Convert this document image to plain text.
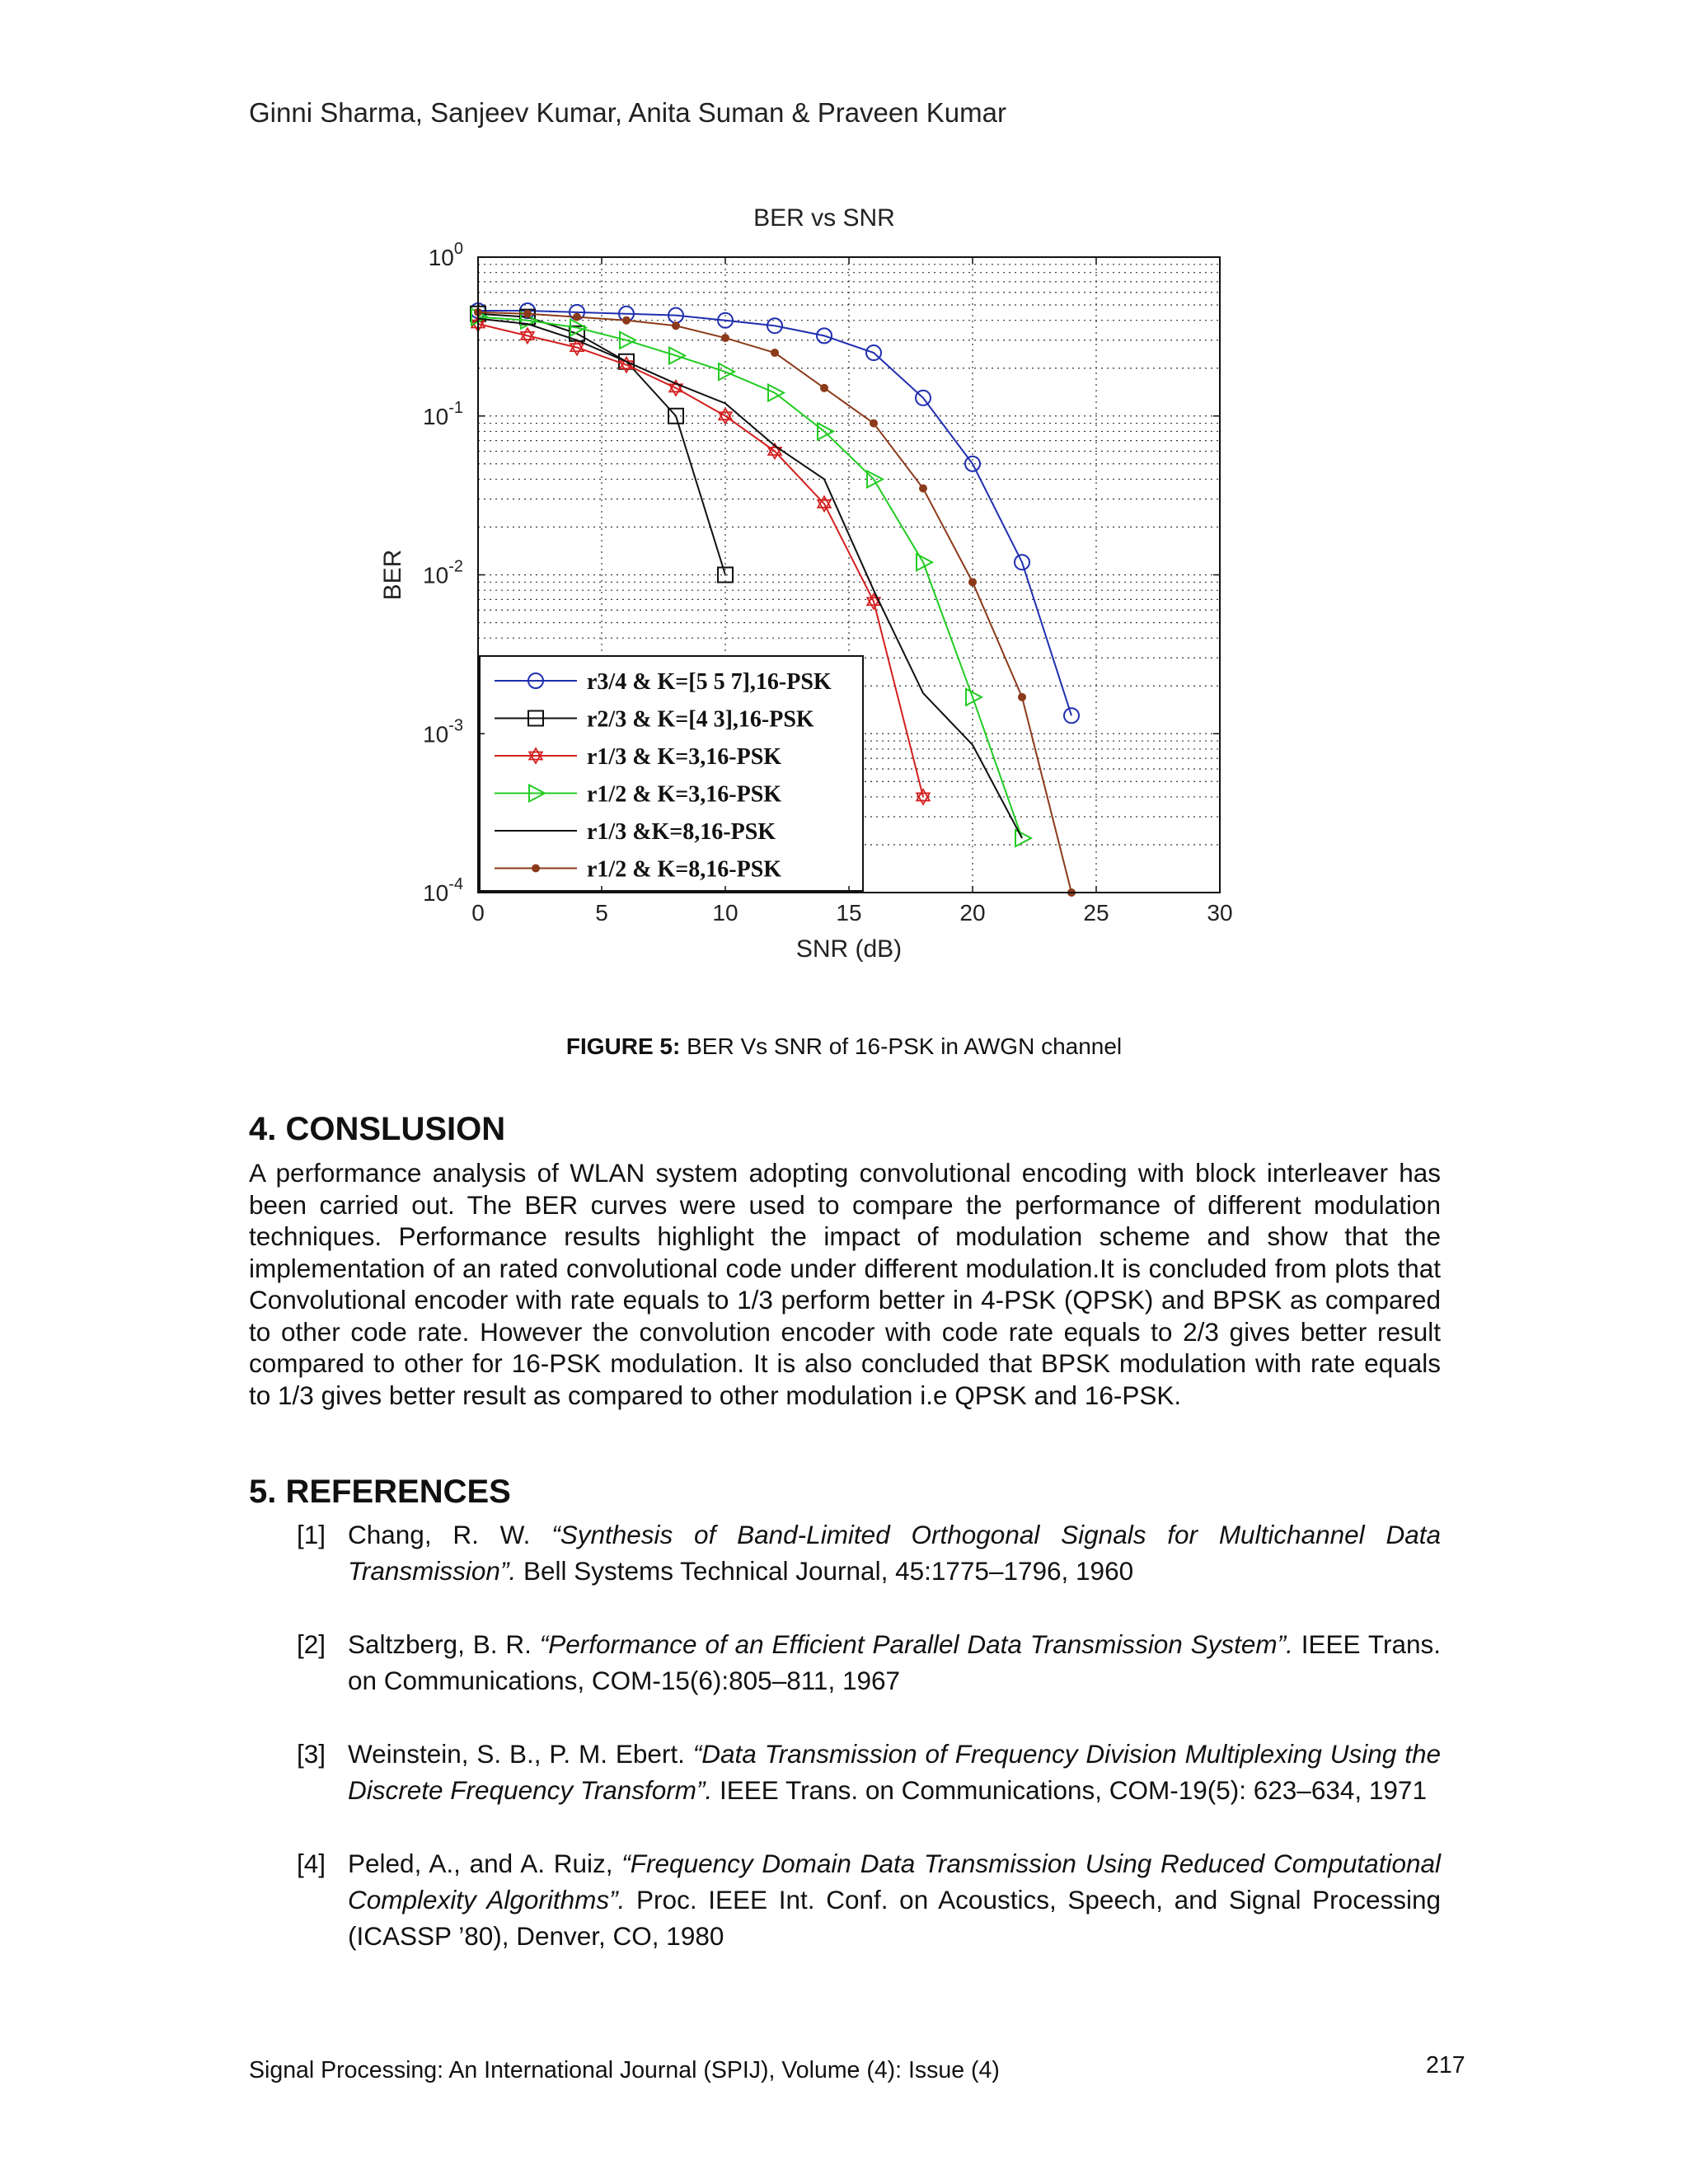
Ginni Sharma, Sanjeev Kumar, Anita Suman & Praveen Kumar
BER vs SNR
r3/4 & K=[5 5 7],16-PSK
r2/3 & K=[4 3],16-PSK
r1/3 & K=3,16-PSK
r1/2 & K=3,16-PSK
r1/3 &K=8,16-PSK
r1/2 & K=8,16-PSK
0	5	10	15	20	25	30
$10^0$
$10^{-1}$
$10^{-2}$
$10^{-3}$
$10^{-4}$
SNR (dB)
BER
FIGURE 5: BER Vs SNR of 16-PSK in AWGN channel
4. CONSLUSION
A performance analysis of WLAN system adopting convolutional encoding with block interleaver has been carried out. The BER curves were used to compare the performance of different modulation techniques. Performance results highlight the impact of modulation scheme and show that the implementation of an rated convolutional code under different modulation.It is concluded from plots that Convolutional encoder with rate equals to 1/3 perform better in 4-PSK (QPSK) and BPSK as compared to other code rate. However the convolution encoder with code rate equals to 2/3 gives better result compared to other for 16-PSK modulation. It is also concluded that BPSK modulation with rate equals to 1/3 gives better result as compared to other modulation i.e QPSK and 16-PSK.
5. REFERENCES
[1] Chang, R. W. “Synthesis of Band-Limited Orthogonal Signals for Multichannel Data Transmission”. Bell Systems Technical Journal, 45:1775–1796, 1960
[2] Saltzberg, B. R. “Performance of an Efficient Parallel Data Transmission System”. IEEE Trans. on Communications, COM-15(6):805–811, 1967
[3] Weinstein, S. B., P. M. Ebert. “Data Transmission of Frequency Division Multiplexing Using the Discrete Frequency Transform”. IEEE Trans. on Communications, COM-19(5): 623–634, 1971
[4] Peled, A., and A. Ruiz, “Frequency Domain Data Transmission Using Reduced Computational Complexity Algorithms”. Proc. IEEE Int. Conf. on Acoustics, Speech, and Signal Processing (ICASSP ’80), Denver, CO, 1980
Signal Processing: An International Journal (SPIJ), Volume (4): Issue (4)	217
